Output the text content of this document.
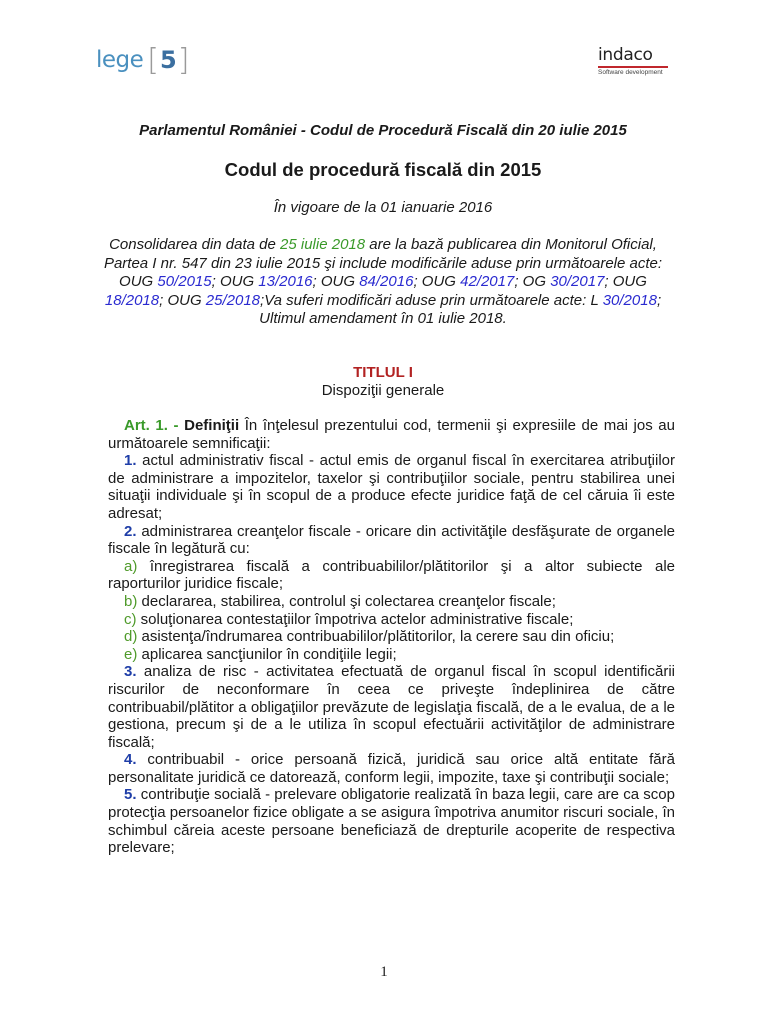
lege [ 5 ]	indaco
Software development
Parlamentul României - Codul de Procedură Fiscală din 20 iulie 2015
Codul de procedură fiscală din 2015
În vigoare de la 01 ianuarie 2016
Consolidarea din data de 25 iulie 2018 are la bază publicarea din Monitorul Oficial, Partea I nr. 547 din 23 iulie 2015 şi include modificările aduse prin următoarele acte: OUG 50/2015; OUG 13/2016; OUG 84/2016; OUG 42/2017; OG 30/2017; OUG 18/2018; OUG 25/2018;Va suferi modificări aduse prin următoarele acte: L 30/2018;
Ultimul amendament în 01 iulie 2018.
TITLUL I
Dispoziţii generale

Art. 1. - Definiţii În înţelesul prezentului cod, termenii şi expresiile de mai jos au următoarele semnificaţii:

1. actul administrativ fiscal - actul emis de organul fiscal în exercitarea atribuţiilor de administrare a impozitelor, taxelor şi contribuţiilor sociale, pentru stabilirea unei situaţii individuale şi în scopul de a produce efecte juridice faţă de cel căruia îi este adresat;

2. administrarea creanţelor fiscale - oricare din activităţile desfăşurate de organele fiscale în legătură cu:

a) înregistrarea fiscală a contribuabililor/plătitorilor şi a altor subiecte ale raporturilor juridice fiscale;

b) declararea, stabilirea, controlul şi colectarea creanţelor fiscale;

c) soluţionarea contestaţiilor împotriva actelor administrative fiscale;

d) asistenţa/îndrumarea contribuabililor/plătitorilor, la cerere sau din oficiu;

e) aplicarea sancţiunilor în condiţiile legii;

3. analiza de risc - activitatea efectuată de organul fiscal în scopul identificării riscurilor de neconformare în ceea ce priveşte îndeplinirea de către contribuabil/plătitor a obligaţiilor prevăzute de legislaţia fiscală, de a le evalua, de a le gestiona, precum şi de a le utiliza în scopul efectuării activităţilor de administrare fiscală;

4. contribuabil - orice persoană fizică, juridică sau orice altă entitate fără personalitate juridică ce datorează, conform legii, impozite, taxe şi contribuţii sociale;

5. contribuţie socială - prelevare obligatorie realizată în baza legii, care are ca scop protecţia persoanelor fizice obligate a se asigura împotriva anumitor riscuri sociale, în schimbul căreia aceste persoane beneficiază de drepturile acoperite de respectiva prelevare;

1
